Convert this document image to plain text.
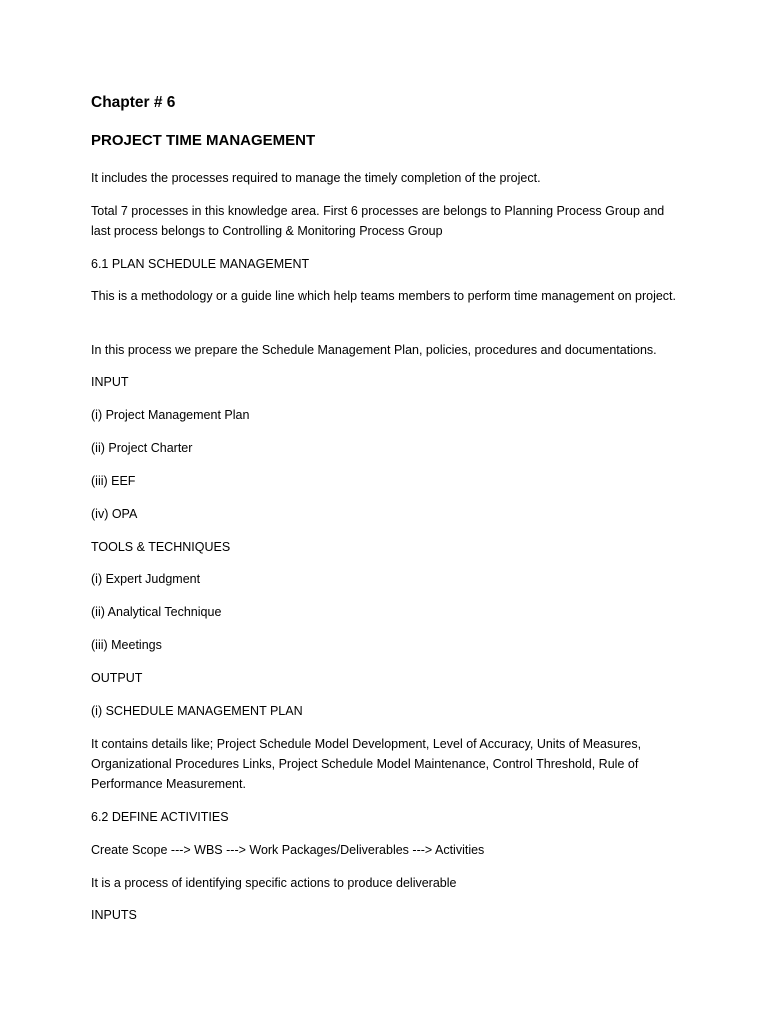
Chapter # 6

PROJECT TIME MANAGEMENT

It includes the processes required to manage the timely completion of the project.

Total 7 processes in this knowledge area. First 6 processes are belongs to Planning Process Group and last process belongs to Controlling & Monitoring Process Group

6.1 PLAN SCHEDULE MANAGEMENT

This is a methodology or a guide line which help teams members to perform time management on project.

In this process we prepare the Schedule Management Plan, policies, procedures and documentations.

INPUT

(i) Project Management Plan

(ii) Project Charter

(iii) EEF

(iv) OPA

TOOLS & TECHNIQUES

(i) Expert Judgment

(ii) Analytical Technique

(iii) Meetings

OUTPUT

(i) SCHEDULE MANAGEMENT PLAN

It contains details like; Project Schedule Model Development, Level of Accuracy, Units of Measures, Organizational Procedures Links, Project Schedule Model Maintenance, Control Threshold, Rule of Performance Measurement.

6.2 DEFINE ACTIVITIES

Create Scope ---> WBS ---> Work Packages/Deliverables ---> Activities

It is a process of identifying specific actions to produce deliverable

INPUTS
